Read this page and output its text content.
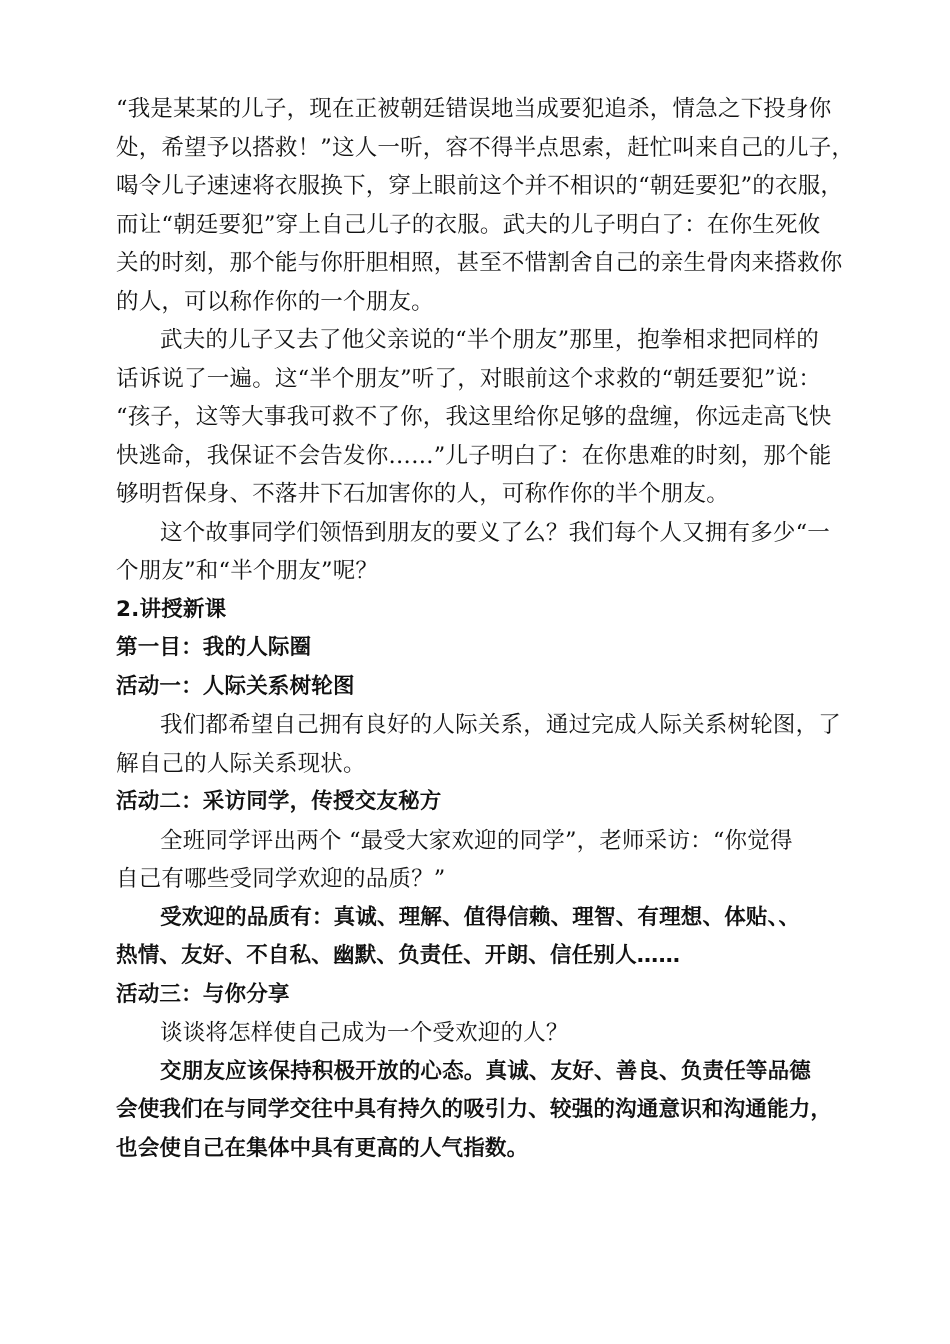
“我是某某的儿子，现在正被朝廷错误地当成要犯追杀，情急之下投身你
处，希望予以搭救！”这人一听，容不得半点思索，赶忙叫来自己的儿子，
喝令儿子速速将衣服换下，穿上眼前这个并不相识的“朝廷要犯”的衣服，
而让“朝廷要犯”穿上自己儿子的衣服。武夫的儿子明白了：在你生死攸
关的时刻，那个能与你肝胆相照，甚至不惜割舍自己的亲生骨肉来搭救你
的人，可以称作你的一个朋友。
武夫的儿子又去了他父亲说的“半个朋友”那里，抱拳相求把同样的
话诉说了一遍。这“半个朋友”听了，对眼前这个求救的“朝廷要犯”说：
“孩子，这等大事我可救不了你，我这里给你足够的盘缠，你远走高飞快
快逃命，我保证不会告发你……”儿子明白了：在你患难的时刻，那个能
够明哲保身、不落井下石加害你的人，可称作你的半个朋友。
这个故事同学们领悟到朋友的要义了么？我们每个人又拥有多少“一
个朋友”和“半个朋友”呢？
2.讲授新课
第一目：我的人际圈
活动一：人际关系树轮图
我们都希望自己拥有良好的人际关系，通过完成人际关系树轮图，了
解自己的人际关系现状。
活动二：采访同学，传授交友秘方
全班同学评出两个 “最受大家欢迎的同学”，老师采访：“你觉得
自己有哪些受同学欢迎的品质？”
受欢迎的品质有：真诚、理解、值得信赖、理智、有理想、体贴、、
热情、友好、不自私、幽默、负责任、开朗、信任别人……
活动三：与你分享
谈谈将怎样使自己成为一个受欢迎的人？
交朋友应该保持积极开放的心态。真诚、友好、善良、负责任等品德
会使我们在与同学交往中具有持久的吸引力、较强的沟通意识和沟通能力，
也会使自己在集体中具有更高的人气指数。
